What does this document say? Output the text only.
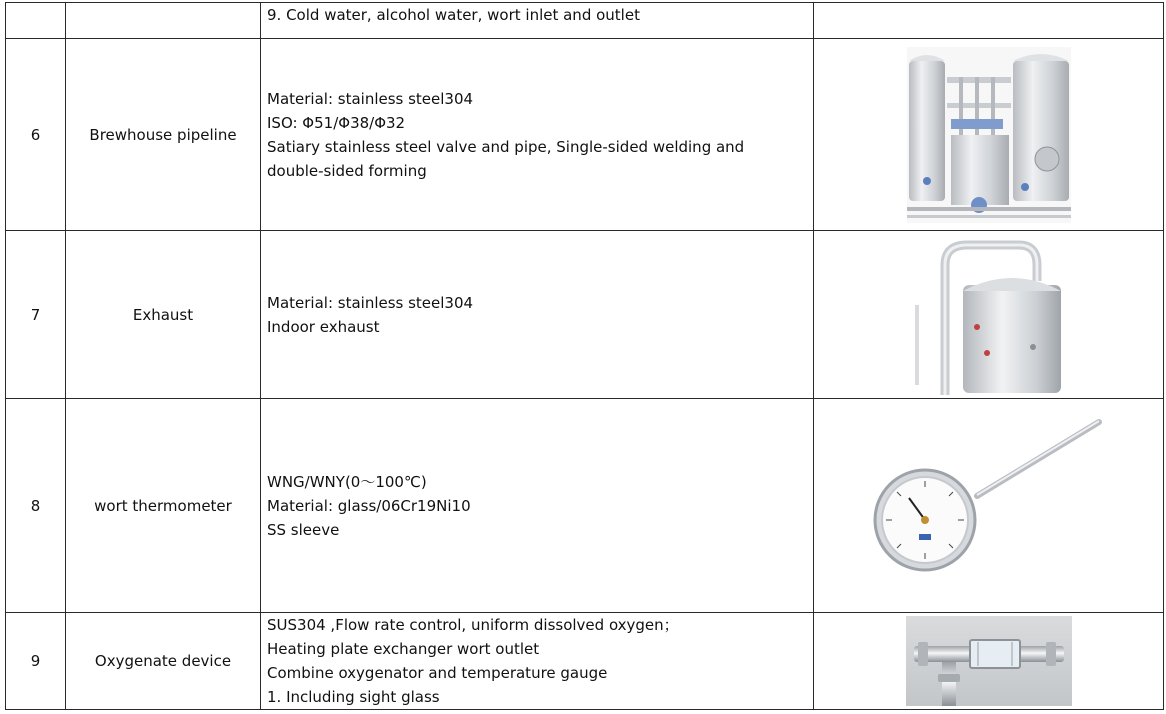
		9. Cold water, alcohol water, wort inlet and outlet	

6	Brewhouse pipeline	Material: stainless steel304
ISO: Φ51/Φ38/Φ32
Satiary stainless steel valve and pipe, Single-sided welding and
double-sided forming

7	Exhaust	Material: stainless steel304
Indoor exhaust

8	wort thermometer	WNG/WNY(0～100℃)
Material: glass/06Cr19Ni10
SS sleeve

9	Oxygenate device	SUS304 ,Flow rate control, uniform dissolved oxygen；
Heating plate exchanger wort outlet
Combine oxygenator and temperature gauge
1. Including sight glass
